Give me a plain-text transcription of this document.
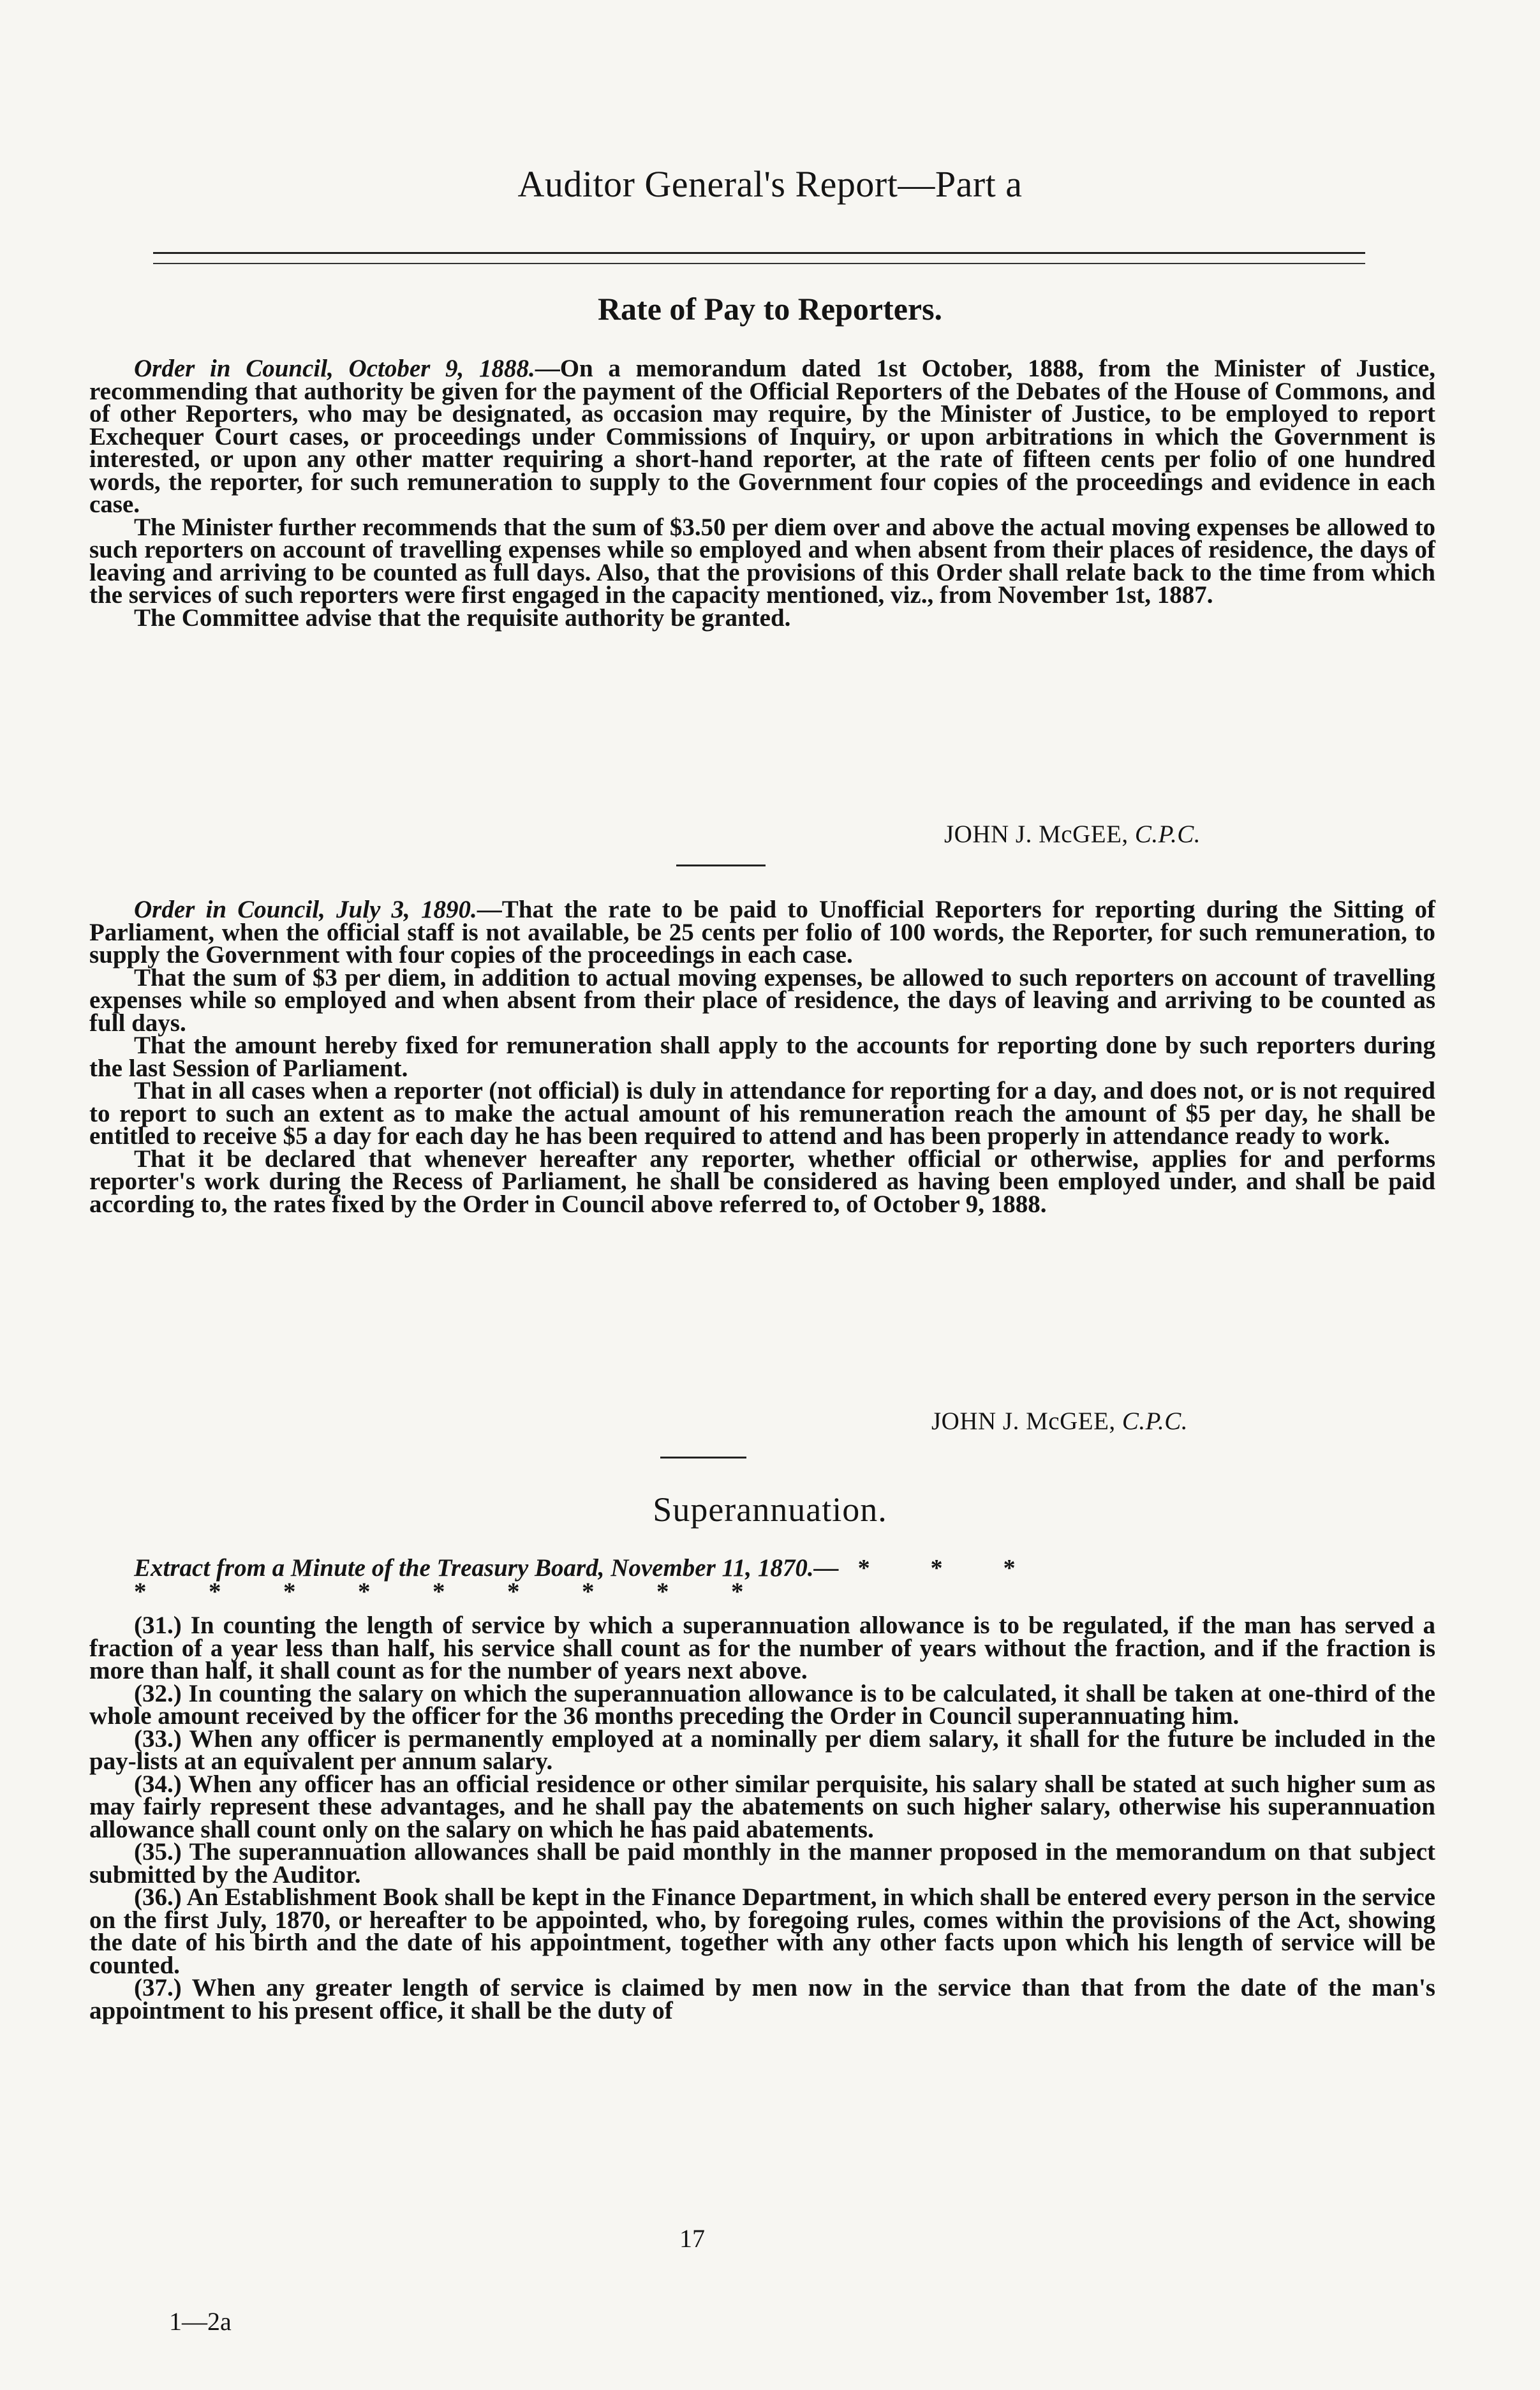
Auditor General's Report—Part a
Rate of Pay to Reporters.

Order in Council, October 9, 1888.—On a memorandum dated 1st October, 1888, from the Minister of Justice, recommending that authority be given for the payment of the Official Reporters of the Debates of the House of Commons, and of other Reporters, who may be designated, as occasion may require, by the Minister of Justice, to be employed to report Exchequer Court cases, or proceedings under Commissions of Inquiry, or upon arbitrations in which the Government is interested, or upon any other matter requiring a short-hand reporter, at the rate of fifteen cents per folio of one hundred words, the reporter, for such remuneration to supply to the Government four copies of the proceedings and evidence in each case.

The Minister further recommends that the sum of $3.50 per diem over and above the actual moving expenses be allowed to such reporters on account of travelling expenses while so employed and when absent from their places of residence, the days of leaving and arriving to be counted as full days. Also, that the provisions of this Order shall relate back to the time from which the services of such reporters were first engaged in the capacity mentioned, viz., from November 1st, 1887.

The Committee advise that the requisite authority be granted.

JOHN J. McGEE, C.P.C.

Order in Council, July 3, 1890.—That the rate to be paid to Unofficial Reporters for reporting during the Sitting of Parliament, when the official staff is not available, be 25 cents per folio of 100 words, the Reporter, for such remuneration, to supply the Government with four copies of the proceedings in each case.

That the sum of $3 per diem, in addition to actual moving expenses, be allowed to such reporters on account of travelling expenses while so employed and when absent from their place of residence, the days of leaving and arriving to be counted as full days.

That the amount hereby fixed for remuneration shall apply to the accounts for reporting done by such reporters during the last Session of Parliament.

That in all cases when a reporter (not official) is duly in attendance for reporting for a day, and does not, or is not required to report to such an extent as to make the actual amount of his remuneration reach the amount of $5 per day, he shall be entitled to receive $5 a day for each day he has been required to attend and has been properly in attendance ready to work.

That it be declared that whenever hereafter any reporter, whether official or otherwise, applies for and performs reporter's work during the Recess of Parliament, he shall be considered as having been employed under, and shall be paid according to, the rates fixed by the Order in Council above referred to, of October 9, 1888.

JOHN J. McGEE, C.P.C.
Superannuation.

Extract from a Minute of the Treasury Board, November 11, 1870.— *          *          *

*          *          *          *          *          *          *          *          *

(31.) In counting the length of service by which a superannuation allowance is to be regulated, if the man has served a fraction of a year less than half, his service shall count as for the number of years without the fraction, and if the fraction is more than half, it shall count as for the number of years next above.

(32.) In counting the salary on which the superannuation allowance is to be calculated, it shall be taken at one-third of the whole amount received by the officer for the 36 months preceding the Order in Council superannuating him.

(33.) When any officer is permanently employed at a nominally per diem salary, it shall for the future be included in the pay-lists at an equivalent per annum salary.

(34.) When any officer has an official residence or other similar perquisite, his salary shall be stated at such higher sum as may fairly represent these advantages, and he shall pay the abatements on such higher salary, otherwise his superannuation allowance shall count only on the salary on which he has paid abatements.

(35.) The superannuation allowances shall be paid monthly in the manner proposed in the memorandum on that subject submitted by the Auditor.

(36.) An Establishment Book shall be kept in the Finance Department, in which shall be entered every person in the service on the first July, 1870, or hereafter to be appointed, who, by foregoing rules, comes within the provisions of the Act, showing the date of his birth and the date of his appointment, together with any other facts upon which his length of service will be counted.

(37.) When any greater length of service is claimed by men now in the service than that from the date of the man's appointment to his present office, it shall be the duty of

17
1—2a
